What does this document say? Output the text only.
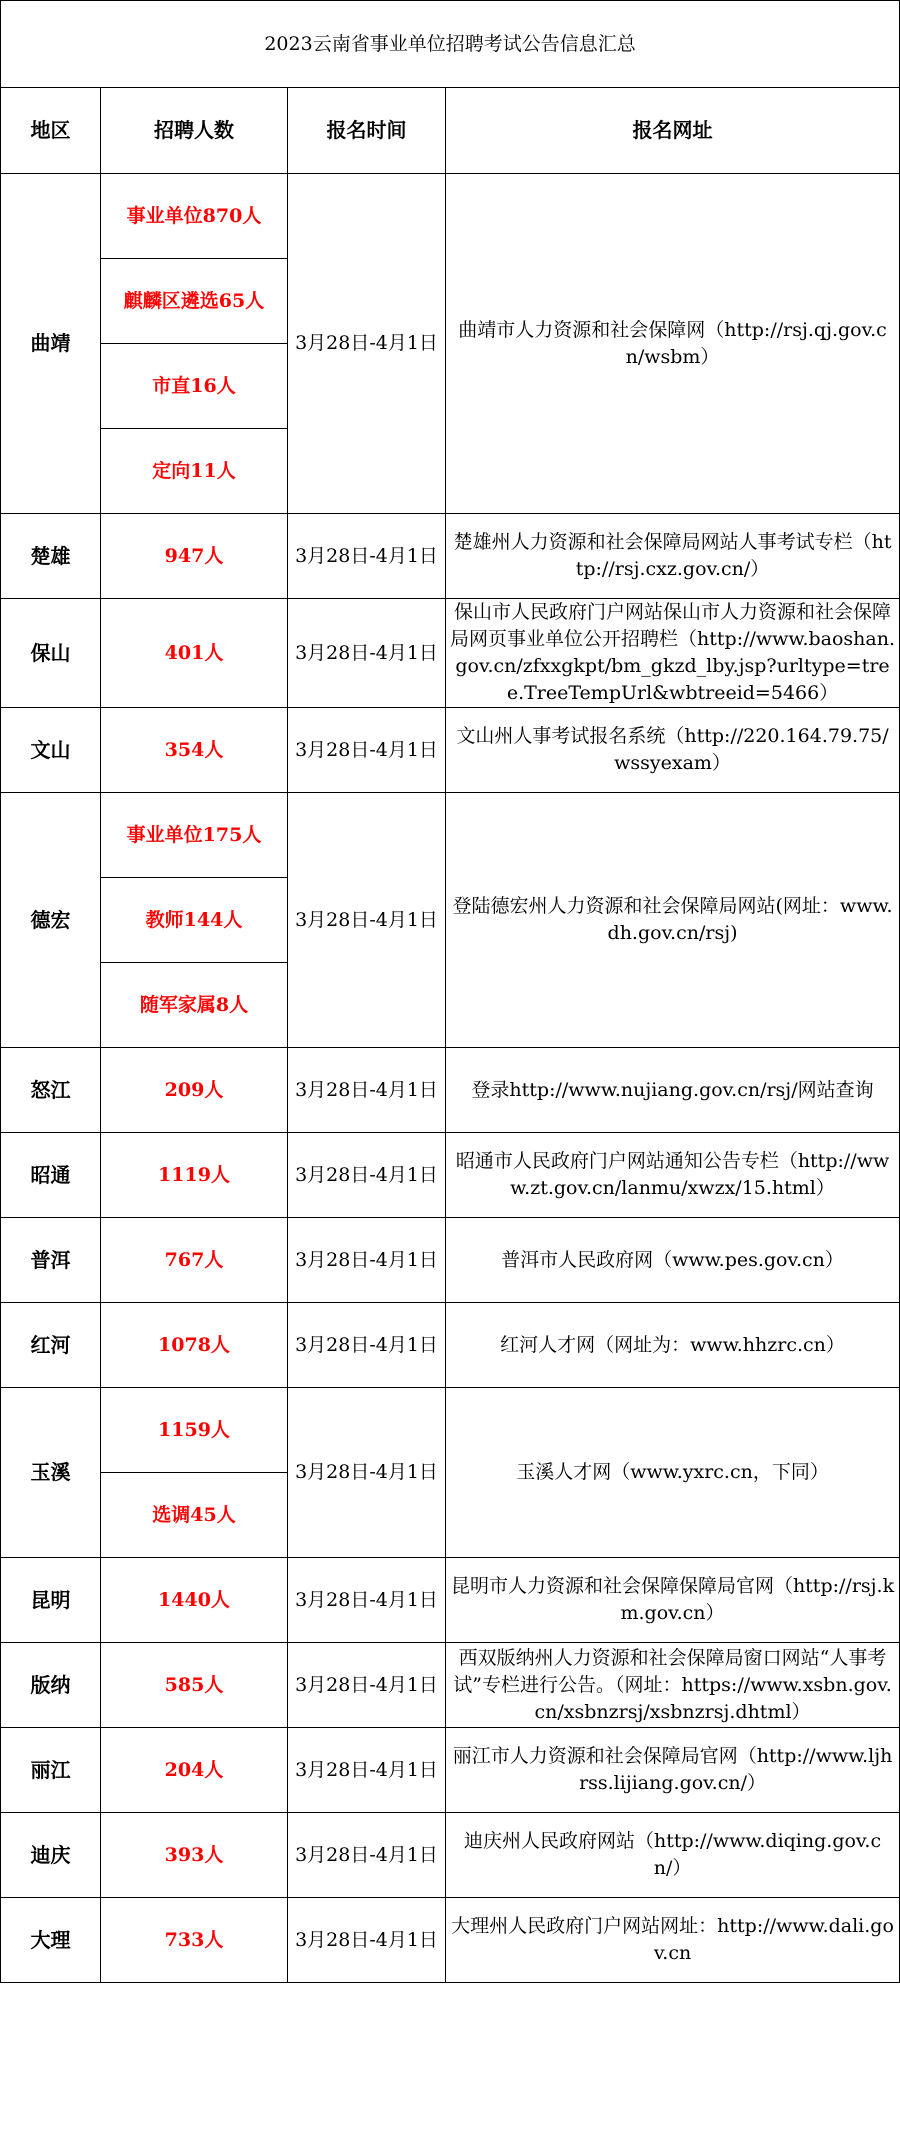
2023云南省事业单位招聘考试公告信息汇总			
地区	招聘人数	报名时间	报名网址
曲靖	事业单位870人	3月28日-4月1日	曲靖市人力资源和社会保障网（http://rsj.qj.gov.cn/wsbm）
	麒麟区遴选65人		
	市直16人		
	定向11人		
楚雄	947人	3月28日-4月1日	楚雄州人力资源和社会保障局网站人事考试专栏（http://rsj.cxz.gov.cn/）
保山	401人	3月28日-4月1日	保山市人民政府门户网站保山市人力资源和社会保障局网页事业单位公开招聘栏（http://www.baoshan.gov.cn/zfxxgkpt/bm_gkzd_lby.jsp?urltype=tree.TreeTempUrl&wbtreeid=5466）
文山	354人	3月28日-4月1日	文山州人事考试报名系统（http://220.164.79.75/wssyexam）
德宏	事业单位175人	3月28日-4月1日	登陆德宏州人力资源和社会保障局网站(网址：www.dh.gov.cn/rsj)
	教师144人		
	随军家属8人		
怒江	209人	3月28日-4月1日	登录http://www.nujiang.gov.cn/rsj/网站查询
昭通	1119人	3月28日-4月1日	昭通市人民政府门户网站通知公告专栏（http://www.zt.gov.cn/lanmu/xwzx/15.html）
普洱	767人	3月28日-4月1日	普洱市人民政府网（www.pes.gov.cn）
红河	1078人	3月28日-4月1日	红河人才网（网址为：www.hhzrc.cn）
玉溪	1159人	3月28日-4月1日	玉溪人才网（www.yxrc.cn，下同）
	选调45人		
昆明	1440人	3月28日-4月1日	昆明市人力资源和社会保障保障局官网（http://rsj.km.gov.cn）
版纳	585人	3月28日-4月1日	西双版纳州人力资源和社会保障局窗口网站“人事考试”专栏进行公告。（网址：https://www.xsbn.gov.cn/xsbnzrsj/xsbnzrsj.dhtml）
丽江	204人	3月28日-4月1日	丽江市人力资源和社会保障局官网（http://www.ljhrss.lijiang.gov.cn/）
迪庆	393人	3月28日-4月1日	迪庆州人民政府网站（http://www.diqing.gov.cn/）
大理	733人	3月28日-4月1日	大理州人民政府门户网站网址：http://www.dali.gov.cn
